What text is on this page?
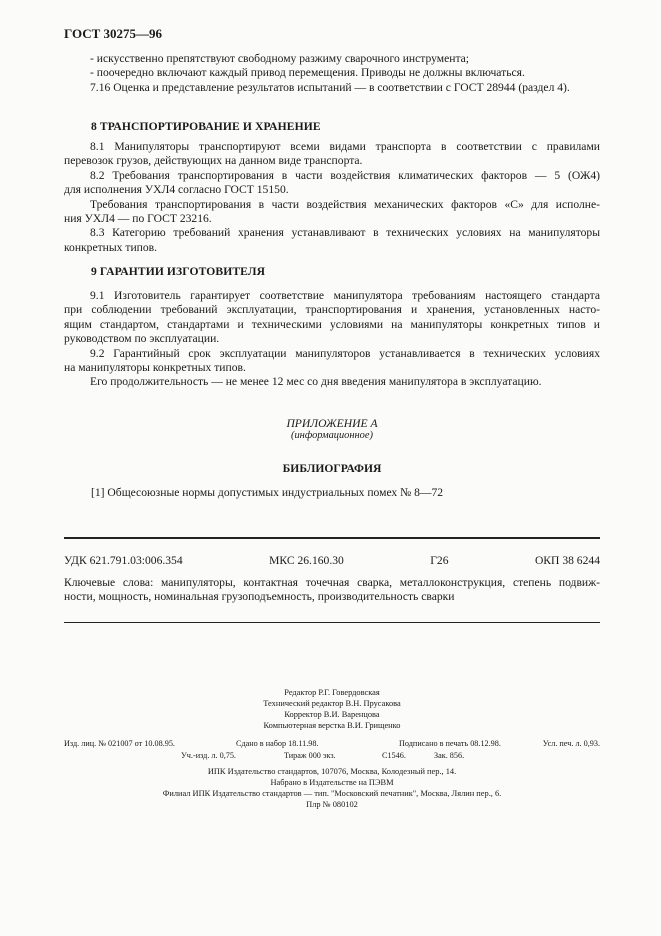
ГОСТ 30275—96
- искусственно препятствуют свободному разжиму сварочного инструмента;
- поочередно включают каждый привод перемещения. Приводы не должны включаться.
7.16 Оценка и представление результатов испытаний — в соответствии с ГОСТ 28944 (раздел 4).
8 ТРАНСПОРТИРОВАНИЕ И ХРАНЕНИЕ
8.1 Манипуляторы транспортируют всеми видами транспорта в соответствии с правилами
перевозок грузов, действующих на данном виде транспорта.
8.2 Требования транспортирования в части воздействия климатических факторов — 5 (ОЖ4)
для исполнения УХЛ4 согласно ГОСТ 15150.
Требования транспортирования в части воздействия механических факторов «С» для исполне-
ния УХЛ4 — по ГОСТ 23216.
8.3 Категорию требований хранения устанавливают в технических условиях на манипуляторы
конкретных типов.
9 ГАРАНТИИ ИЗГОТОВИТЕЛЯ
9.1 Изготовитель гарантирует соответствие манипулятора требованиям настоящего стандарта
при соблюдении требований эксплуатации, транспортирования и хранения, установленных насто-
ящим стандартом, стандартами и техническими условиями на манипуляторы конкретных типов и
руководством по эксплуатации.
9.2 Гарантийный срок эксплуатации манипуляторов устанавливается в технических условиях
на манипуляторы конкретных типов.
Его продолжительность — не менее 12 мес со дня введения манипулятора в эксплуатацию.
ПРИЛОЖЕНИЕ А
(информационное)
БИБЛИОГРАФИЯ
[1] Общесоюзные нормы допустимых индустриальных помех № 8—72
УДК 621.791.03:006.354	МКС 26.160.30	Г26	ОКП 38 6244
Ключевые слова: манипуляторы, контактная точечная сварка, металлоконструкция, степень подвиж-
ности, мощность, номинальная грузоподъемность, производительность сварки
Редактор Р.Г. Говердовская
Технический редактор В.Н. Прусакова
Корректор В.И. Варенцова
Компьютерная верстка В.И. Грищенко
Изд. лиц. № 021007 от 10.08.95.	Сдано в набор 18.11.98.	Подписано в печать 08.12.98.	Усл. печ. л. 0,93.
Уч.-изд. л. 0,75.	Тираж 000 экз.	С1546.	Зак. 856.
ИПК Издательство стандартов, 107076, Москва, Колодезный пер., 14.
Набрано в Издательстве на ПЭВМ
Филиал ИПК Издательство стандартов — тип. "Московский печатник", Москва, Лялин пер., 6.
Плр № 080102
